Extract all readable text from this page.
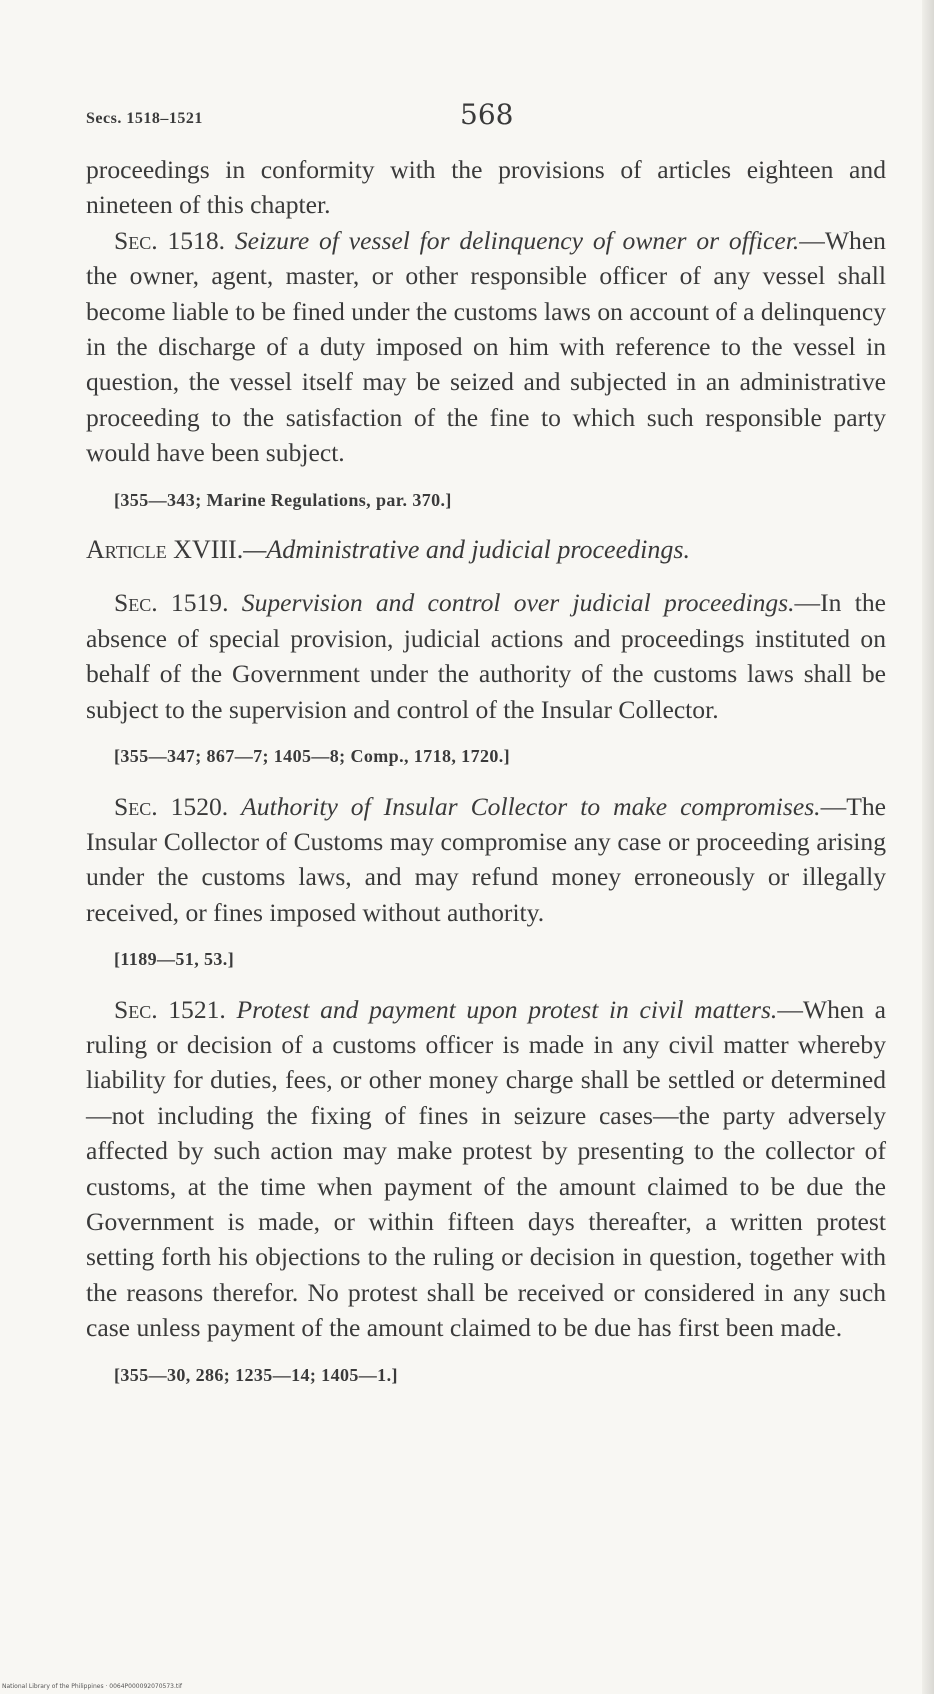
Secs. 1518–1521	568

proceedings in conformity with the provisions of articles eighteen and nineteen of this chapter.

Sec. 1518. Seizure of vessel for delinquency of owner or officer.—When the owner, agent, master, or other responsible officer of any vessel shall become liable to be fined under the customs laws on account of a delinquency in the discharge of a duty imposed on him with reference to the vessel in question, the vessel itself may be seized and subjected in an administrative proceeding to the satisfaction of the fine to which such responsible party would have been subject.

[355—343; Marine Regulations, par. 370.]

Article XVIII.—Administrative and judicial proceedings.

Sec. 1519. Supervision and control over judicial proceedings.—In the absence of special provision, judicial actions and proceedings instituted on behalf of the Government under the authority of the customs laws shall be subject to the supervision and control of the Insular Collector.

[355—347; 867—7; 1405—8; Comp., 1718, 1720.]

Sec. 1520. Authority of Insular Collector to make compromises.—The Insular Collector of Customs may compromise any case or proceeding arising under the customs laws, and may refund money erroneously or illegally received, or fines imposed without authority.

[1189—51, 53.]

Sec. 1521. Protest and payment upon protest in civil matters.—When a ruling or decision of a customs officer is made in any civil matter whereby liability for duties, fees, or other money charge shall be settled or determined—not including the fixing of fines in seizure cases—the party adversely affected by such action may make protest by presenting to the collector of customs, at the time when payment of the amount claimed to be due the Government is made, or within fifteen days thereafter, a written protest setting forth his objections to the ruling or decision in question, together with the reasons therefor. No protest shall be received or considered in any such case unless payment of the amount claimed to be due has first been made.

[355—30, 286; 1235—14; 1405—1.]

National Library of the Philippines · 0064P000092070573.tif
